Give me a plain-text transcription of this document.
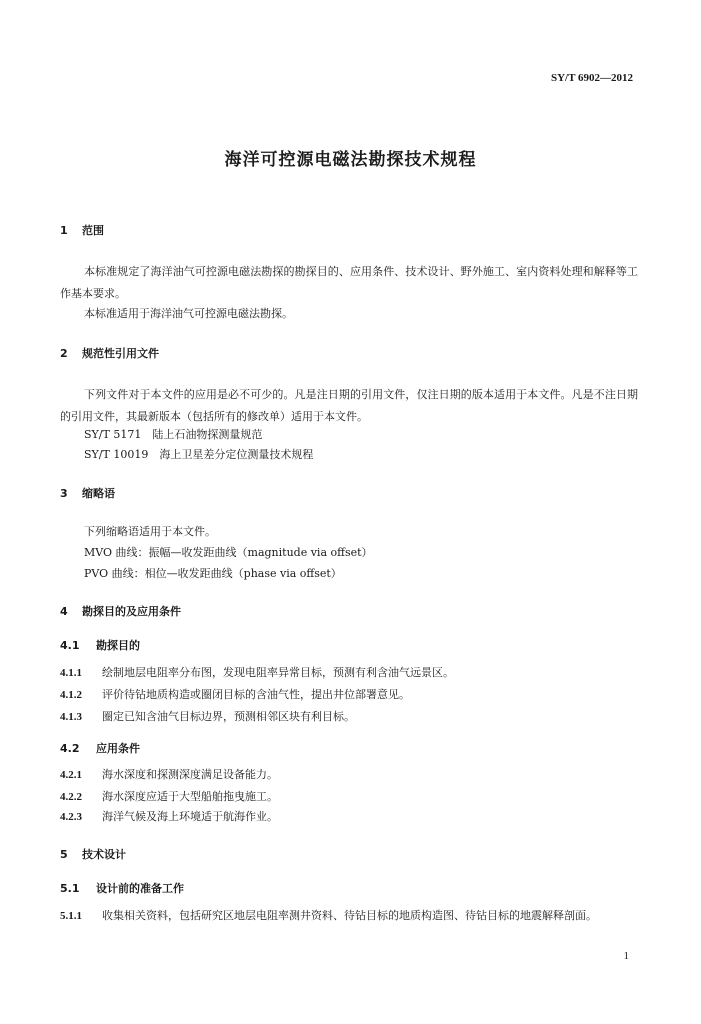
SY/T 6902—2012
海洋可控源电磁法勘探技术规程
1 范围
本标准规定了海洋油气可控源电磁法勘探的勘探目的、应用条件、技术设计、野外施工、室内资料处理和解释等工作基本要求。
本标准适用于海洋油气可控源电磁法勘探。
2 规范性引用文件
下列文件对于本文件的应用是必不可少的。凡是注日期的引用文件，仅注日期的版本适用于本文件。凡是不注日期的引用文件，其最新版本（包括所有的修改单）适用于本文件。
SY/T 5171　陆上石油物探测量规范
SY/T 10019　海上卫星差分定位测量技术规程
3 缩略语
下列缩略语适用于本文件。
MVO 曲线：振幅—收发距曲线（magnitude via offset）
PVO 曲线：相位—收发距曲线（phase via offset）
4 勘探目的及应用条件
4.1 勘探目的
4.1.1 绘制地层电阻率分布图，发现电阻率异常目标，预测有利含油气远景区。
4.1.2 评价待钻地质构造或圈闭目标的含油气性，提出井位部署意见。
4.1.3 圈定已知含油气目标边界，预测相邻区块有利目标。
4.2 应用条件
4.2.1 海水深度和探测深度满足设备能力。
4.2.2 海水深度应适于大型船舶拖曳施工。
4.2.3 海洋气候及海上环境适于航海作业。
5 技术设计
5.1 设计前的准备工作
5.1.1 收集相关资料，包括研究区地层电阻率测井资料、待钻目标的地质构造图、待钻目标的地震解释剖面。
1
